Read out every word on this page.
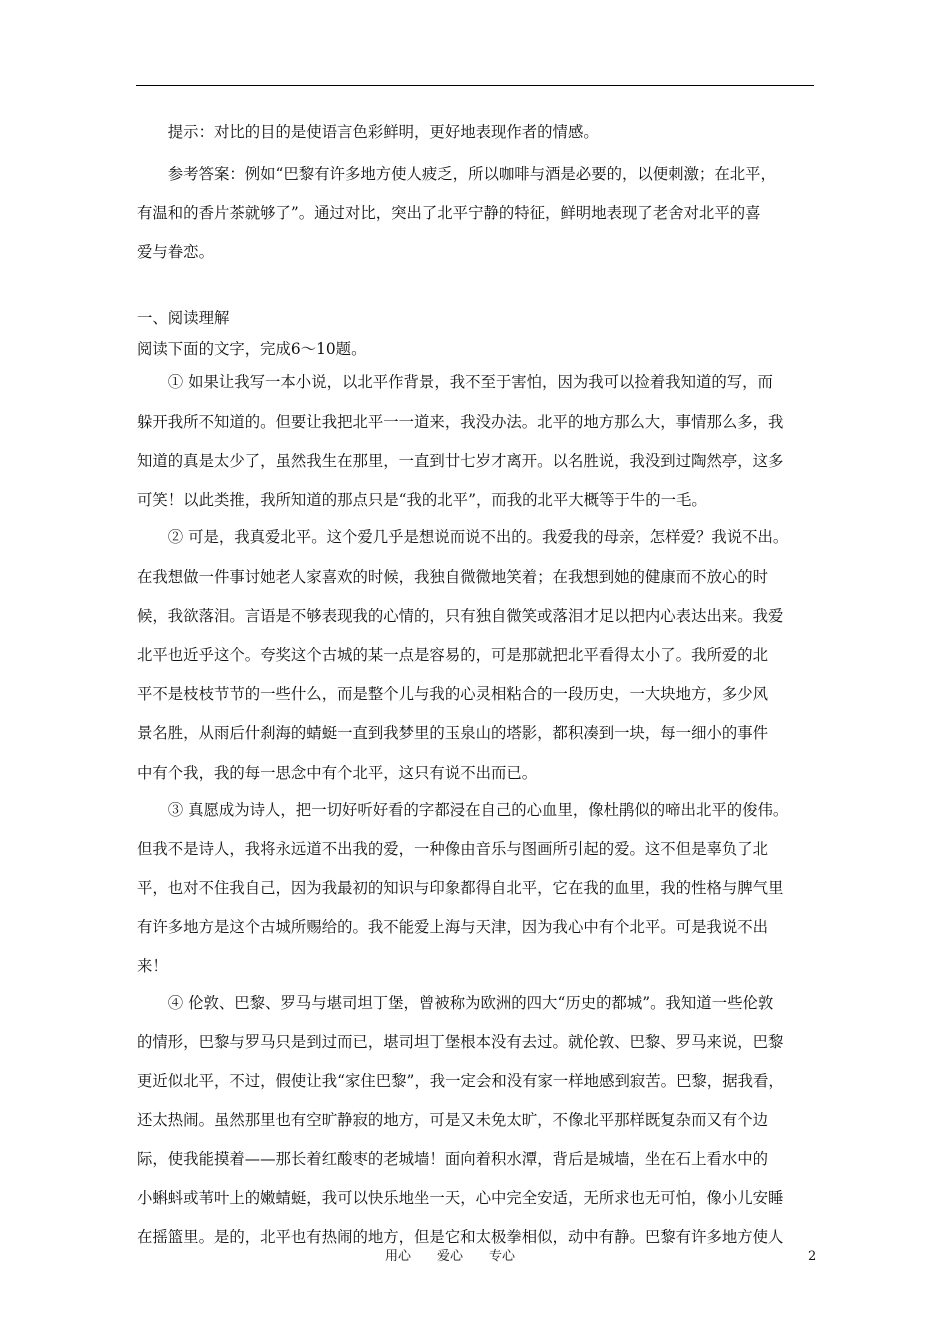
　　提示：对比的目的是使语言色彩鲜明，更好地表现作者的情感。
　　参考答案：例如“巴黎有许多地方使人疲乏，所以咖啡与酒是必要的，以便刺激；在北平，
有温和的香片茶就够了”。通过对比，突出了北平宁静的特征，鲜明地表现了老舍对北平的喜
爱与眷恋。
一、阅读理解
阅读下面的文字，完成6～10题。
　　① 如果让我写一本小说，以北平作背景，我不至于害怕，因为我可以捡着我知道的写，而
躲开我所不知道的。但要让我把北平一一道来，我没办法。北平的地方那么大，事情那么多，我
知道的真是太少了，虽然我生在那里，一直到廿七岁才离开。以名胜说，我没到过陶然亭，这多
可笑！以此类推，我所知道的那点只是“我的北平”，而我的北平大概等于牛的一毛。
　　② 可是，我真爱北平。这个爱几乎是想说而说不出的。我爱我的母亲，怎样爱？我说不出。
在我想做一件事讨她老人家喜欢的时候，我独自微微地笑着；在我想到她的健康而不放心的时
候，我欲落泪。言语是不够表现我的心情的，只有独自微笑或落泪才足以把内心表达出来。我爱
北平也近乎这个。夸奖这个古城的某一点是容易的，可是那就把北平看得太小了。我所爱的北
平不是枝枝节节的一些什么，而是整个儿与我的心灵相粘合的一段历史，一大块地方，多少风
景名胜，从雨后什刹海的蜻蜓一直到我梦里的玉泉山的塔影，都积凑到一块，每一细小的事件
中有个我，我的每一思念中有个北平，这只有说不出而已。
　　③ 真愿成为诗人，把一切好听好看的字都浸在自己的心血里，像杜鹃似的啼出北平的俊伟。
但我不是诗人，我将永远道不出我的爱，一种像由音乐与图画所引起的爱。这不但是辜负了北
平，也对不住我自己，因为我最初的知识与印象都得自北平，它在我的血里，我的性格与脾气里
有许多地方是这个古城所赐给的。我不能爱上海与天津，因为我心中有个北平。可是我说不出
来！
　　④ 伦敦、巴黎、罗马与堪司坦丁堡，曾被称为欧洲的四大“历史的都城”。我知道一些伦敦
的情形，巴黎与罗马只是到过而已，堪司坦丁堡根本没有去过。就伦敦、巴黎、罗马来说，巴黎
更近似北平，不过，假使让我“家住巴黎”，我一定会和没有家一样地感到寂苦。巴黎，据我看，
还太热闹。虽然那里也有空旷静寂的地方，可是又未免太旷，不像北平那样既复杂而又有个边
际，使我能摸着——那长着红酸枣的老城墙！面向着积水潭，背后是城墙，坐在石上看水中的
小蝌蚪或苇叶上的嫩蜻蜓，我可以快乐地坐一天，心中完全安适，无所求也无可怕，像小儿安睡
在摇篮里。是的，北平也有热闹的地方，但是它和太极拳相似，动中有静。巴黎有许多地方使人
用心　　爱心　　专心	2
